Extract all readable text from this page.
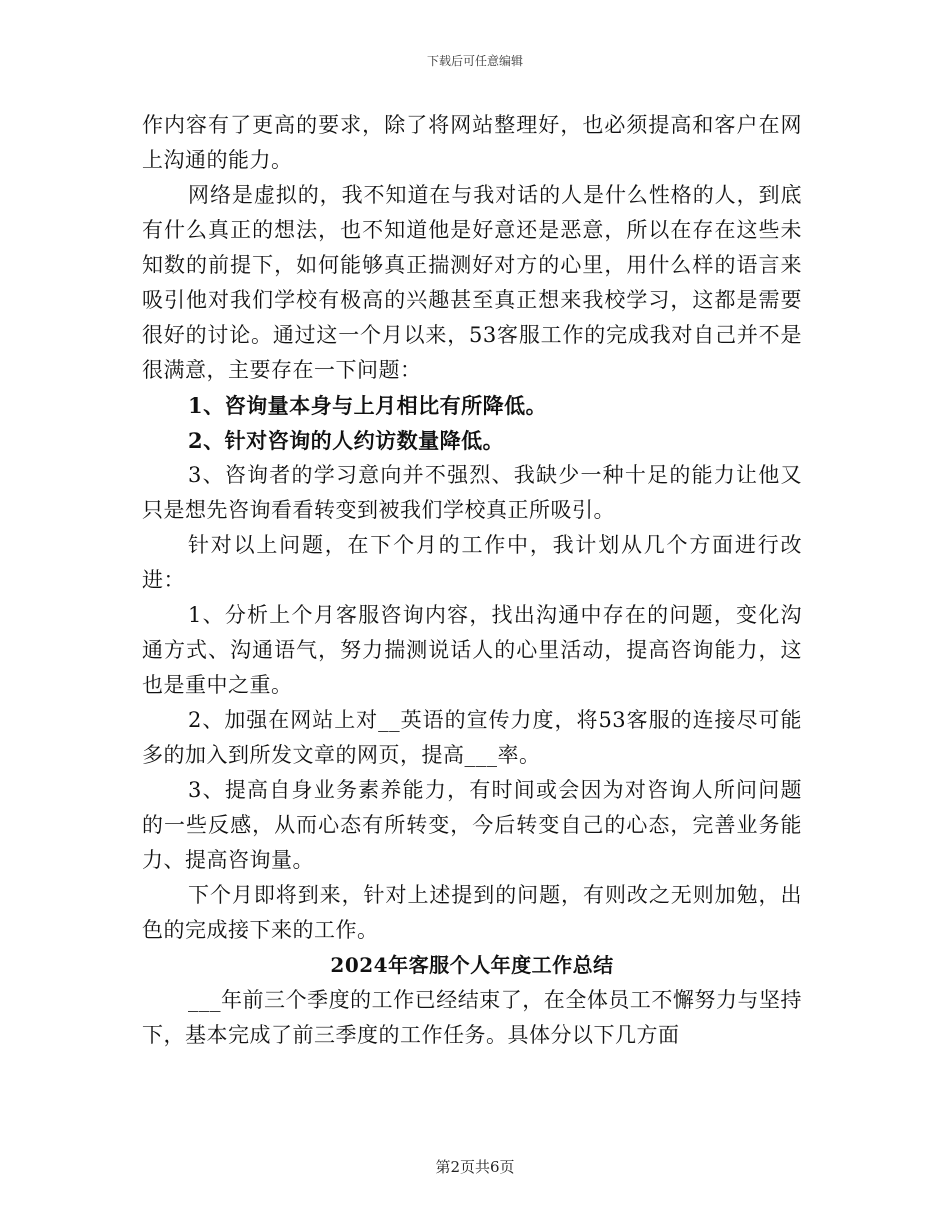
下载后可任意编辑

作内容有了更高的要求，除了将网站整理好，也必须提高和客户在网上沟通的能力。

网络是虚拟的，我不知道在与我对话的人是什么性格的人，到底有什么真正的想法，也不知道他是好意还是恶意，所以在存在这些未知数的前提下，如何能够真正揣测好对方的心里，用什么样的语言来吸引他对我们学校有极高的兴趣甚至真正想来我校学习，这都是需要很好的讨论。通过这一个月以来，53客服工作的完成我对自己并不是很满意，主要存在一下问题：

1、咨询量本身与上月相比有所降低。

2、针对咨询的人约访数量降低。

3、咨询者的学习意向并不强烈、我缺少一种十足的能力让他又只是想先咨询看看转变到被我们学校真正所吸引。

针对以上问题，在下个月的工作中，我计划从几个方面进行改进：

1、分析上个月客服咨询内容，找出沟通中存在的问题，变化沟通方式、沟通语气，努力揣测说话人的心里活动，提高咨询能力，这也是重中之重。

2、加强在网站上对__英语的宣传力度，将53客服的连接尽可能多的加入到所发文章的网页，提高___率。

3、提高自身业务素养能力，有时间或会因为对咨询人所问问题的一些反感，从而心态有所转变，今后转变自己的心态，完善业务能力、提高咨询量。

下个月即将到来，针对上述提到的问题，有则改之无则加勉，出色的完成接下来的工作。

2024年客服个人年度工作总结

___年前三个季度的工作已经结束了，在全体员工不懈努力与坚持下，基本完成了前三季度的工作任务。具体分以下几方面

第2页共6页
